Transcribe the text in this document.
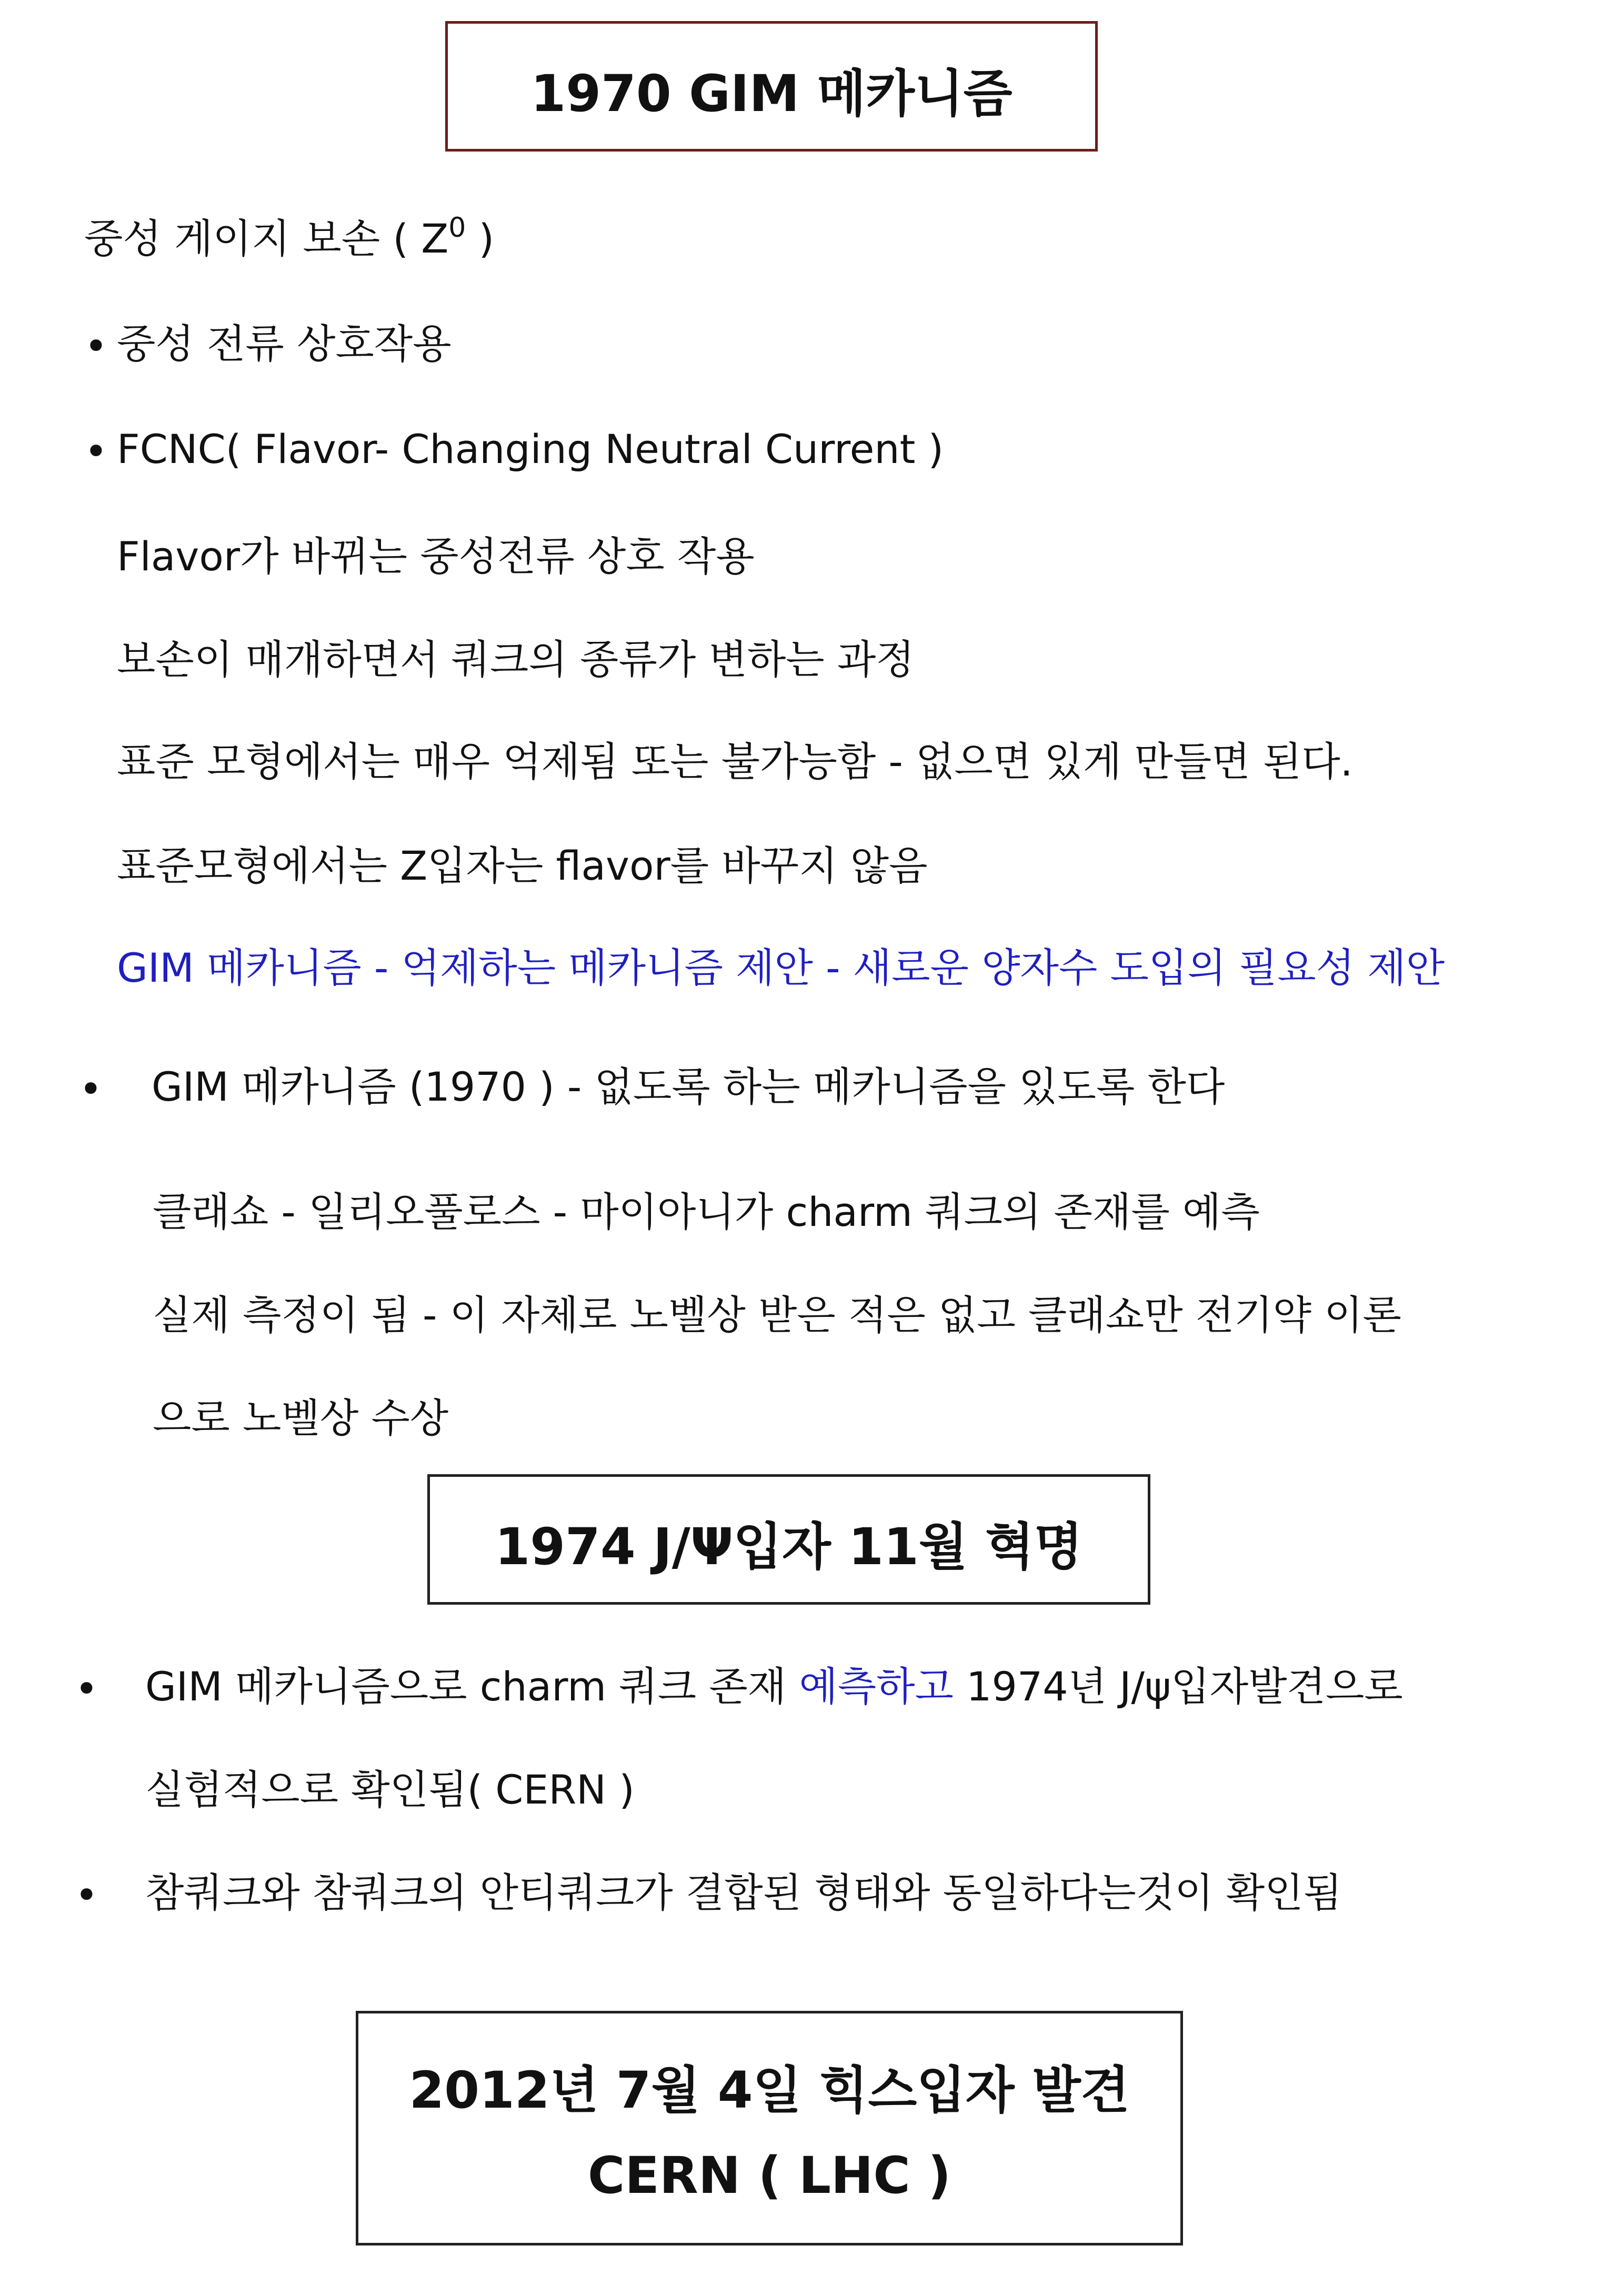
1970 GIM 메카니즘
중성 게이지 보손 ( $Z^0$ )
• 중성 전류 상호작용
• FCNC( Flavor- Changing Neutral Current )
Flavor가 바뀌는 중성전류 상호 작용
보손이 매개하면서 쿼크의 종류가 변하는 과정
표준 모형에서는 매우 억제됨 또는 불가능함 - 없으면 있게 만들면 된다.
표준모형에서는 Z입자는 flavor를 바꾸지 않음
GIM 메카니즘 - 억제하는 메카니즘 제안 - 새로운 양자수 도입의 필요성 제안
• GIM 메카니즘 (1970 ) - 없도록 하는 메카니즘을 있도록 한다
클래쇼 - 일리오풀로스 - 마이아니가 charm 쿼크의 존재를 예측
실제 측정이 됨 - 이 자체로 노벨상 받은 적은 없고 클래쇼만 전기약 이론
으로 노벨상 수상
1974 J/Ψ입자 11월 혁명
• GIM 메카니즘으로 charm 쿼크 존재 예측하고 1974년 J/ψ입자발견으로
실험적으로 확인됨( CERN )
• 참쿼크와 참쿼크의 안티쿼크가 결합된 형태와 동일하다는것이 확인됨
2012년 7월 4일 힉스입자 발견
CERN ( LHC )
